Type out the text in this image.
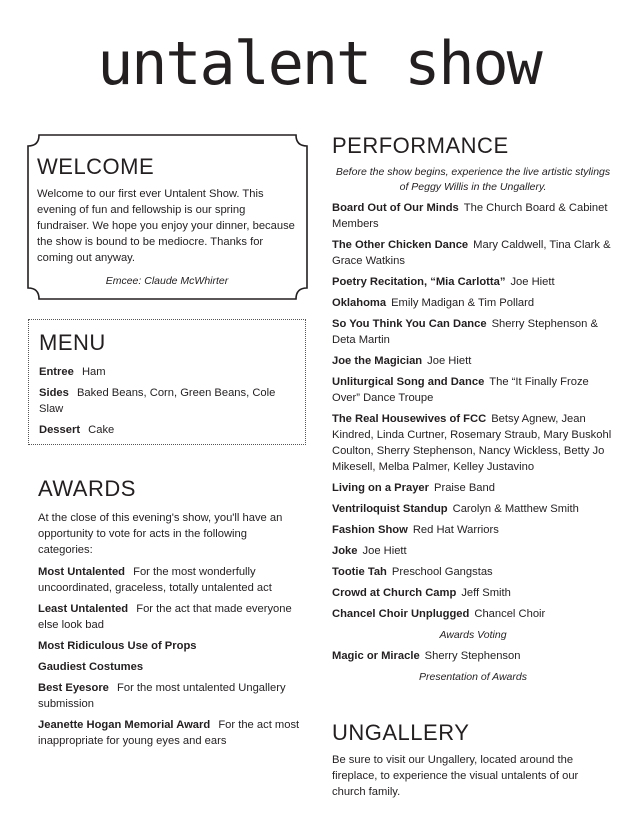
untalent show
WELCOME
Welcome to our first ever Untalent Show. This evening of fun and fellowship is our spring fundraiser. We hope you enjoy your dinner, because the show is bound to be mediocre. Thanks for coming out anyway.
Emcee: Claude McWhirter
MENU
Entree Ham
Sides Baked Beans, Corn, Green Beans, Cole Slaw
Dessert Cake
AWARDS
At the close of this evening's show, you'll have an opportunity to vote for acts in the following categories:
Most Untalented For the most wonderfully uncoordinated, graceless, totally untalented act
Least Untalented For the act that made everyone else look bad
Most Ridiculous Use of Props
Gaudiest Costumes
Best Eyesore For the most untalented Ungallery submission
Jeanette Hogan Memorial Award For the act most inappropriate for young eyes and ears
PERFORMANCE
Before the show begins, experience the live artistic stylings of Peggy Willis in the Ungallery.
Board Out of Our Minds The Church Board & Cabinet Members
The Other Chicken Dance Mary Caldwell, Tina Clark & Grace Watkins
Poetry Recitation, “Mia Carlotta” Joe Hiett
Oklahoma Emily Madigan & Tim Pollard
So You Think You Can Dance Sherry Stephenson & Deta Martin
Joe the Magician Joe Hiett
Unliturgical Song and Dance The “It Finally Froze Over” Dance Troupe
The Real Housewives of FCC Betsy Agnew, Jean Kindred, Linda Curtner, Rosemary Straub, Mary Buskohl Coulton, Sherry Stephenson, Nancy Wickless, Betty Jo Mikesell, Melba Palmer, Kelley Justavino
Living on a Prayer Praise Band
Ventriloquist Standup Carolyn & Matthew Smith
Fashion Show Red Hat Warriors
Joke Joe Hiett
Tootie Tah Preschool Gangstas
Crowd at Church Camp Jeff Smith
Chancel Choir Unplugged Chancel Choir
Awards Voting
Magic or Miracle Sherry Stephenson
Presentation of Awards
UNGALLERY
Be sure to visit our Ungallery, located around the fireplace, to experience the visual untalents of our church family.
